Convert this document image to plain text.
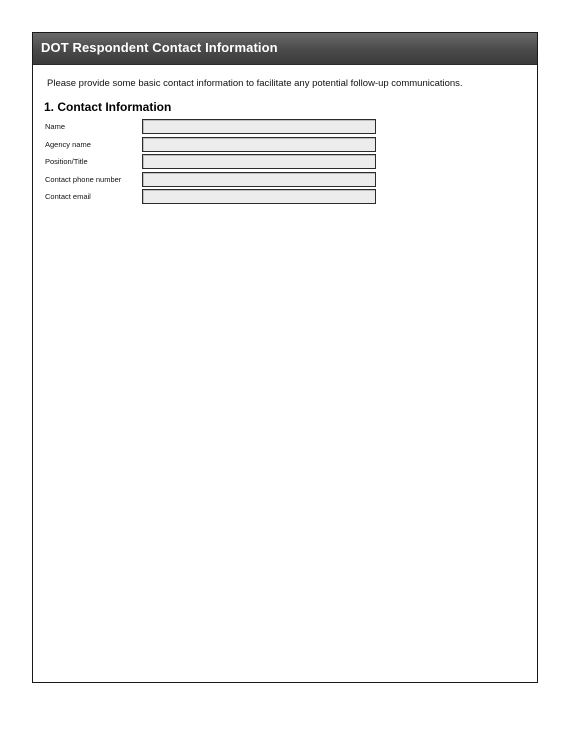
DOT Respondent Contact Information
Please provide some basic contact information to facilitate any potential follow-up communications.
1. Contact Information
Name
Agency name
Position/Title
Contact phone number
Contact email
